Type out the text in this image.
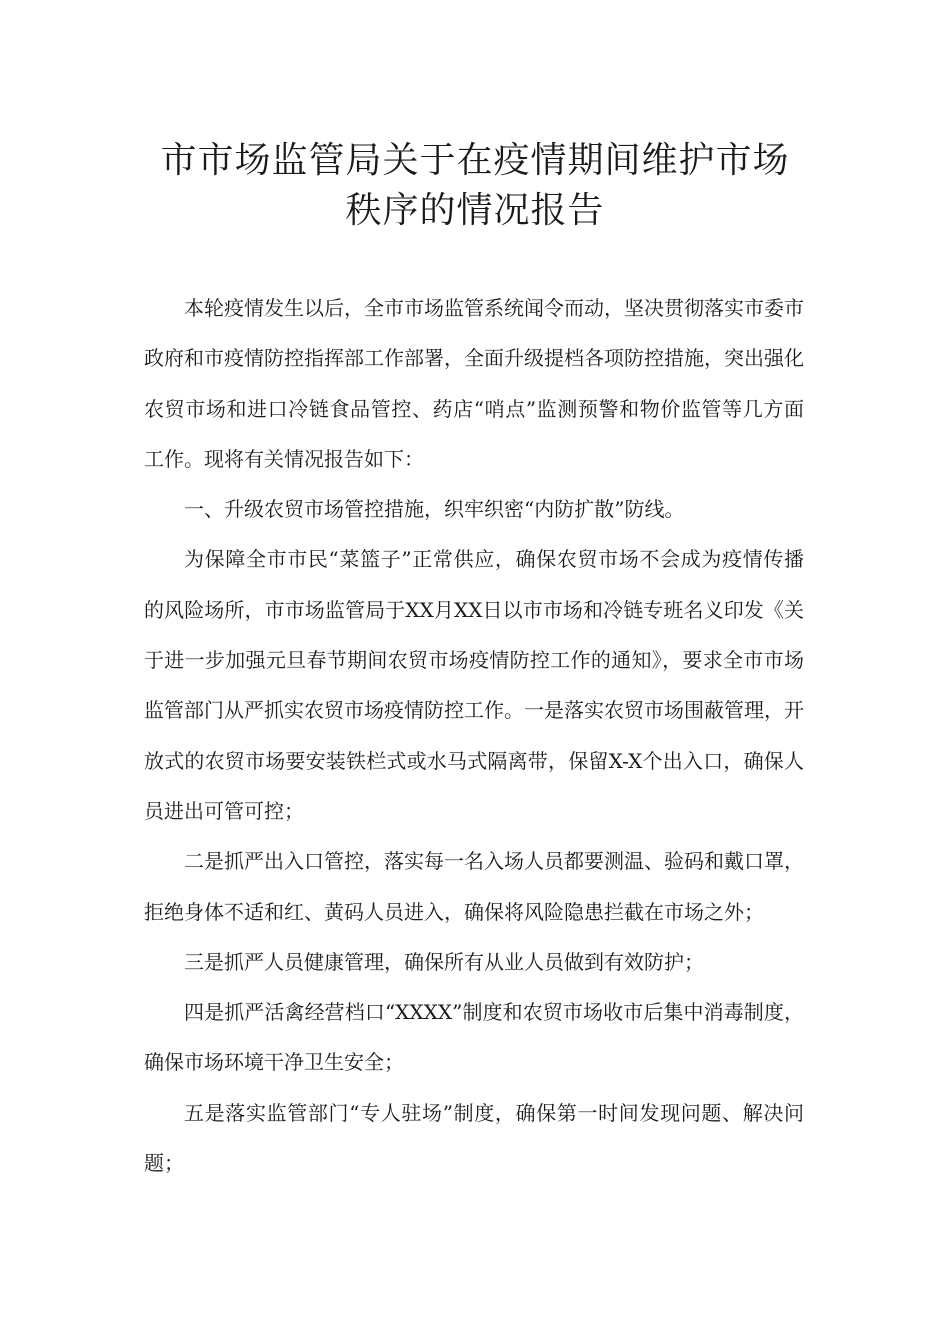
市市场监管局关于在疫情期间维护市场
秩序的情况报告

本轮疫情发生以后，全市市场监管系统闻令而动，坚决贯彻落实市委市政府和市疫情防控指挥部工作部署，全面升级提档各项防控措施，突出强化农贸市场和进口冷链食品管控、药店“哨点”监测预警和物价监管等几方面工作。现将有关情况报告如下：

一、升级农贸市场管控措施，织牢织密“内防扩散”防线。

为保障全市市民“菜篮子”正常供应，确保农贸市场不会成为疫情传播的风险场所，市市场监管局于XX月XX日以市市场和冷链专班名义印发《关于进一步加强元旦春节期间农贸市场疫情防控工作的通知》，要求全市市场监管部门从严抓实农贸市场疫情防控工作。一是落实农贸市场围蔽管理，开放式的农贸市场要安装铁栏式或水马式隔离带，保留X-X个出入口，确保人员进出可管可控；

二是抓严出入口管控，落实每一名入场人员都要测温、验码和戴口罩，拒绝身体不适和红、黄码人员进入，确保将风险隐患拦截在市场之外；

三是抓严人员健康管理，确保所有从业人员做到有效防护；

四是抓严活禽经营档口“XXXX”制度和农贸市场收市后集中消毒制度，确保市场环境干净卫生安全；

五是落实监管部门“专人驻场”制度，确保第一时间发现问题、解决问题；
